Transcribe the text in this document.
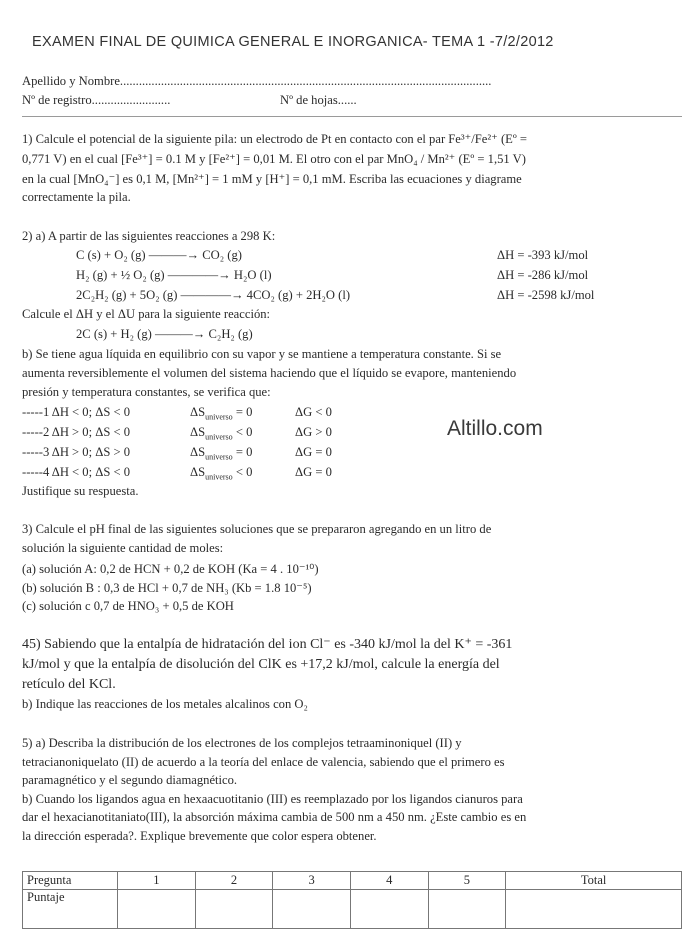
EXAMEN FINAL DE QUIMICA GENERAL E INORGANICA- TEMA 1 -7/2/2012
Apellido y Nombre......................................................................................................................
Nº de registro.........................	Nº de hojas......
1) Calcule el potencial de la siguiente pila: un electrodo de Pt en contacto con el par Fe³⁺/Fe²⁺ (Eº =
0,771 V) en el cual [Fe³⁺] = 0.1 M y [Fe²⁺] = 0,01 M. El otro con el par MnO₄ / Mn²⁺ (Eº = 1,51 V)
en la cual [MnO₄⁻] es 0,1 M, [Mn²⁺] = 1 mM y [H⁺] = 0,1 mM. Escriba las ecuaciones y diagrame
correctamente la pila.
2) a) A partir de las siguientes reacciones a 298 K:
C (s) + O₂ (g) ———→ CO₂ (g)	ΔH = -393 kJ/mol
H₂ (g) + ½ O₂ (g) ————→ H₂O (l)	ΔH = -286 kJ/mol
2C₂H₂ (g) + 5O₂ (g) ————→ 4CO₂ (g) + 2H₂O (l)	ΔH = -2598 kJ/mol
Calcule el ΔH y el ΔU para la siguiente reacción:
2C (s) + H₂ (g) ———→ C₂H₂ (g)
b) Se tiene agua líquida en equilibrio con su vapor y se mantiene a temperatura constante. Si se
aumenta reversiblemente el volumen del sistema haciendo que el líquido se evapore, manteniendo
presión y temperatura constantes, se verifica que:
-----1 ΔH < 0; ΔS < 0	$\Delta S_{universo} = 0$	ΔG < 0
-----2 ΔH > 0; ΔS < 0	$\Delta S_{universo} < 0$	ΔG > 0
-----3 ΔH > 0; ΔS > 0	$\Delta S_{universo} = 0$	ΔG = 0
-----4 ΔH < 0; ΔS < 0	$\Delta S_{universo} < 0$	ΔG = 0
Justifique su respuesta.
Altillo.com
3) Calcule el pH final de las siguientes soluciones que se prepararon agregando en un litro de
solución la siguiente cantidad de moles:
(a) solución A: 0,2 de HCN + 0,2 de KOH (Ka = 4 . 10⁻¹⁰)
(b) solución B : 0,3 de HCl + 0,7 de NH₃ (Kb = 1.8 10⁻⁵)
(c) solución c 0,7 de HNO₃ + 0,5 de KOH
45) Sabiendo que la entalpía de hidratación del ion Cl⁻ es -340 kJ/mol la del K⁺ = -361
kJ/mol y que la entalpía de disolución del ClK es +17,2 kJ/mol, calcule la energía del
retículo del KCl.
b) Indique las reacciones de los metales alcalinos con O₂
5) a) Describa la distribución de los electrones de los complejos tetraaminoniquel (II) y
tetracianoniquelato (II) de acuerdo a la teoría del enlace de valencia, sabiendo que el primero es
paramagnético y el segundo diamagnético.
b) Cuando los ligandos agua en hexaacuotitanio (III) es reemplazado por los ligandos cianuros para
dar el hexacianotitaniato(III), la absorción máxima cambia de 500 nm a 450 nm. ¿Este cambio es en
la dirección esperada?. Explique brevemente que color espera obtener.
Pregunta	1	2	3	4	5	Total
Puntaje						
